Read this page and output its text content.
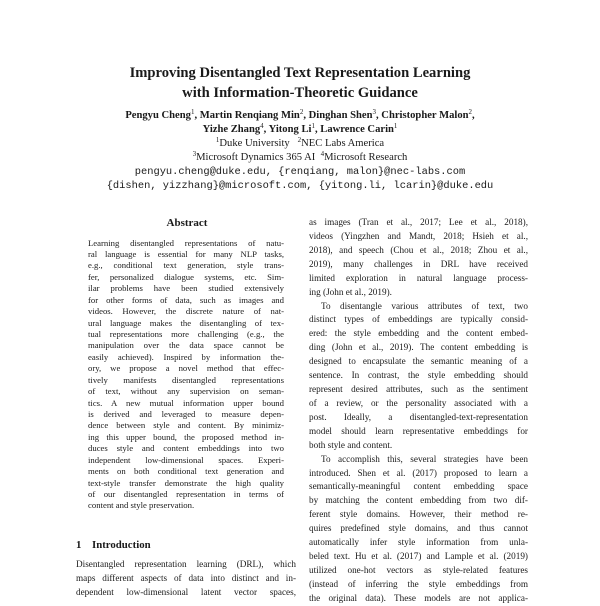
Improving Disentangled Text Representation Learning
with Information-Theoretic Guidance
Pengyu Cheng$^1$, Martin Renqiang Min$^2$, Dinghan Shen$^3$, Christopher Malon$^2$,
Yizhe Zhang$^4$, Yitong Li$^1$, Lawrence Carin$^1$
$^1$Duke University $^2$NEC Labs America
$^3$Microsoft Dynamics 365 AI $^4$Microsoft Research
pengyu.cheng@duke.edu, {renqiang, malon}@nec-labs.com
{dishen, yizzhang}@microsoft.com, {yitong.li, lcarin}@duke.edu
Abstract
Learning disentangled representations of natu-
ral language is essential for many NLP tasks,
e.g., conditional text generation, style trans-
fer, personalized dialogue systems, etc. Sim-
ilar problems have been studied extensively
for other forms of data, such as images and
videos. However, the discrete nature of nat-
ural language makes the disentangling of tex-
tual representations more challenging (e.g., the
manipulation over the data space cannot be
easily achieved). Inspired by information the-
ory, we propose a novel method that effec-
tively manifests disentangled representations
of text, without any supervision on seman-
tics. A new mutual information upper bound
is derived and leveraged to measure depen-
dence between style and content. By minimiz-
ing this upper bound, the proposed method in-
duces style and content embeddings into two
independent low-dimensional spaces. Experi-
ments on both conditional text generation and
text-style transfer demonstrate the high quality
of our disentangled representation in terms of
content and style preservation.
1 Introduction
Disentangled representation learning (DRL), which
maps different aspects of data into distinct and in-
dependent low-dimensional latent vector spaces,
as images (Tran et al., 2017; Lee et al., 2018),
videos (Yingzhen and Mandt, 2018; Hsieh et al.,
2018), and speech (Chou et al., 2018; Zhou et al.,
2019), many challenges in DRL have received
limited exploration in natural language process-
ing (John et al., 2019).
To disentangle various attributes of text, two
distinct types of embeddings are typically consid-
ered: the style embedding and the content embed-
ding (John et al., 2019). The content embedding is
designed to encapsulate the semantic meaning of a
sentence. In contrast, the style embedding should
represent desired attributes, such as the sentiment
of a review, or the personality associated with a
post. Ideally, a disentangled-text-representation
model should learn representative embeddings for
both style and content.
To accomplish this, several strategies have been
introduced. Shen et al. (2017) proposed to learn a
semantically-meaningful content embedding space
by matching the content embedding from two dif-
ferent style domains. However, their method re-
quires predefined style domains, and thus cannot
automatically infer style information from unla-
beled text. Hu et al. (2017) and Lample et al. (2019)
utilized one-hot vectors as style-related features
(instead of inferring the style embeddings from
the original data). These models are not applica-
